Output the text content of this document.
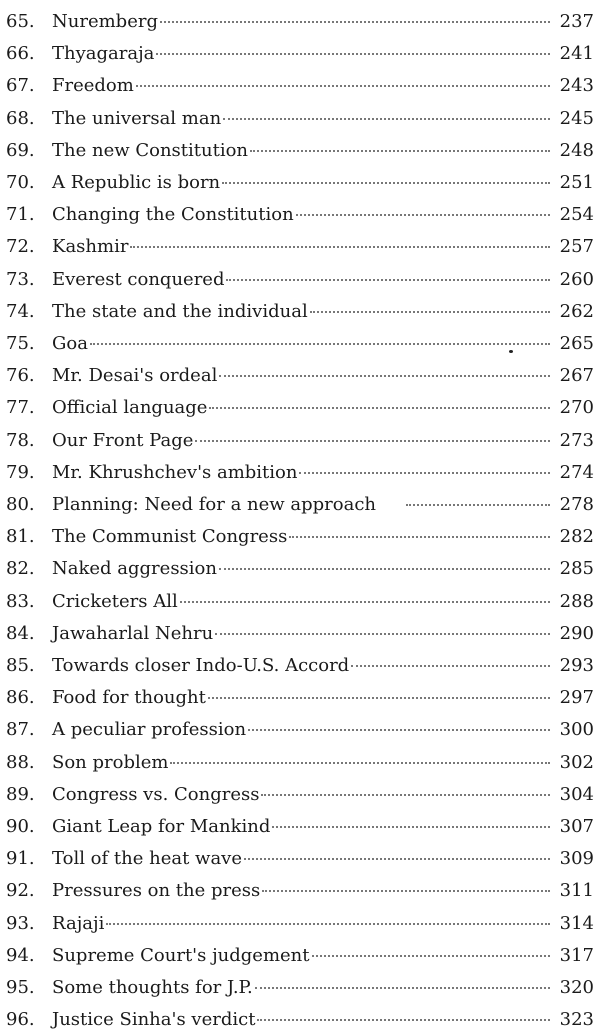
65. Nuremberg	237
66. Thyagaraja	241
67. Freedom	243
68. The universal man	245
69. The new Constitution	248
70. A Republic is born	251
71. Changing the Constitution	254
72. Kashmir	257
73. Everest conquered	260
74. The state and the individual	262
75. Goa	265
76. Mr. Desai's ordeal	267
77. Official language	270
78. Our Front Page	273
79. Mr. Khrushchev's ambition	274
80. Planning: Need for a new approach	278
81. The Communist Congress	282
82. Naked aggression	285
83. Cricketers All	288
84. Jawaharlal Nehru	290
85. Towards closer Indo-U.S. Accord	293
86. Food for thought	297
87. A peculiar profession	300
88. Son problem	302
89. Congress vs. Congress	304
90. Giant Leap for Mankind	307
91. Toll of the heat wave	309
92. Pressures on the press	311
93. Rajaji	314
94. Supreme Court's judgement	317
95. Some thoughts for J.P.	320
96. Justice Sinha's verdict	323
